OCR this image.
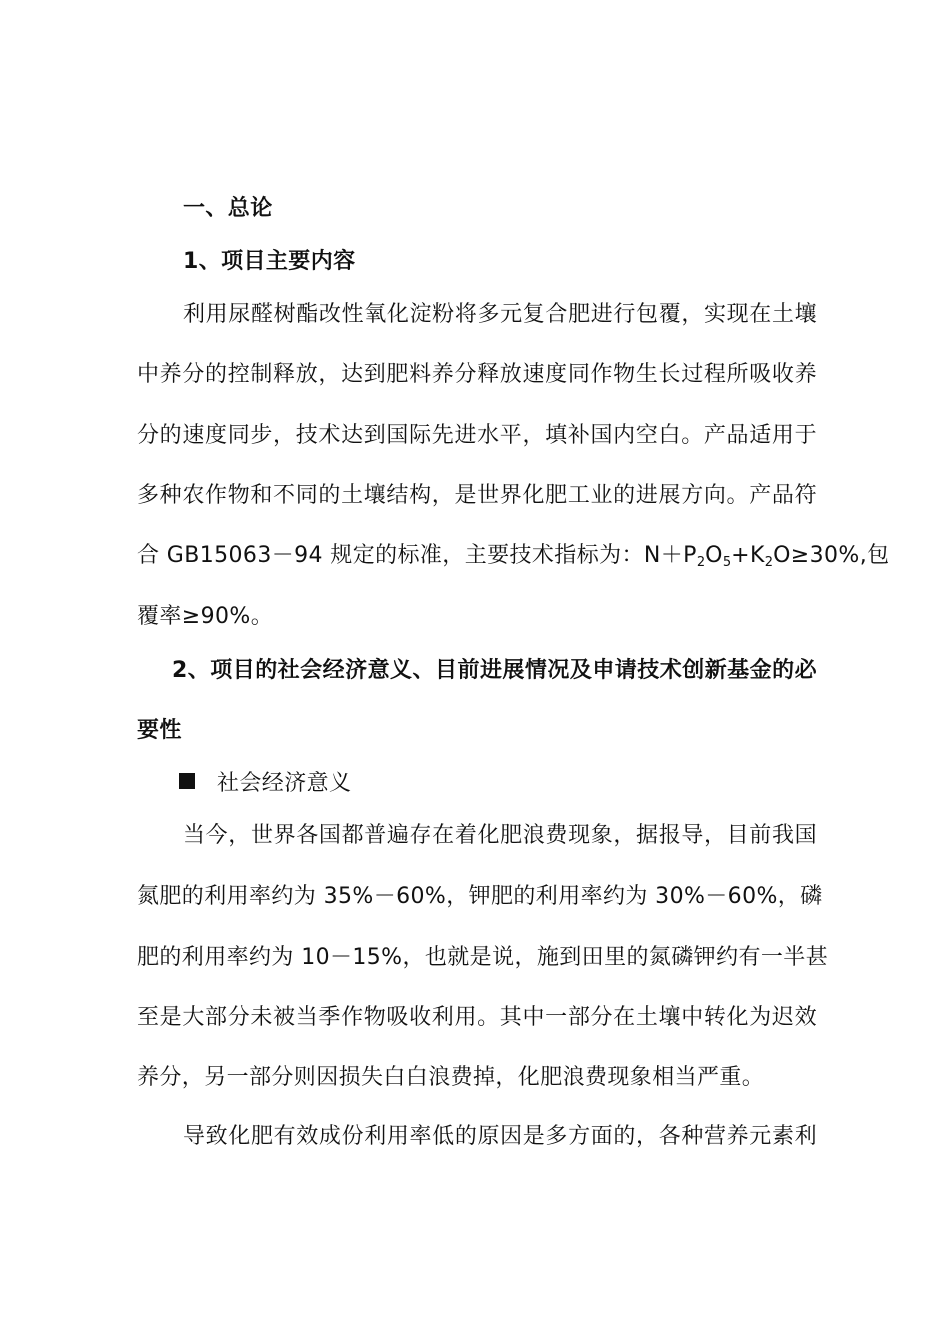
一、总论
1、项目主要内容
利用尿醛树酯改性氧化淀粉将多元复合肥进行包覆，实现在土壤
中养分的控制释放，达到肥料养分释放速度同作物生长过程所吸收养
分的速度同步，技术达到国际先进水平，填补国内空白。产品适用于
多种农作物和不同的土壤结构，是世界化肥工业的进展方向。产品符
合 GB15063－94 规定的标准，主要技术指标为：$N+P_2O_5+K_2O\ge 30\%$,包
覆率≥90%。
2、项目的社会经济意义、目前进展情况及申请技术创新基金的必
要性
社会经济意义
当今，世界各国都普遍存在着化肥浪费现象，据报导，目前我国
氮肥的利用率约为 35%－60%，钾肥的利用率约为 30%－60%，磷
肥的利用率约为 10－15%，也就是说，施到田里的氮磷钾约有一半甚
至是大部分未被当季作物吸收利用。其中一部分在土壤中转化为迟效
养分，另一部分则因损失白白浪费掉，化肥浪费现象相当严重。
导致化肥有效成份利用率低的原因是多方面的，各种营养元素利
